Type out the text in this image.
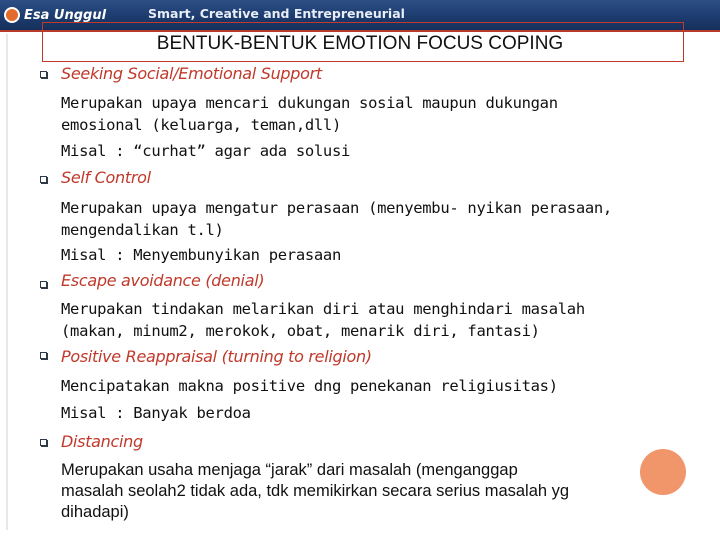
Esa Unggul	Smart, Creative and Entrepreneurial
BENTUK-BENTUK EMOTION FOCUS COPING
Seeking Social/Emotional Support
Merupakan upaya mencari dukungan sosial maupun dukungan
emosional (keluarga, teman,dll)
Misal : “curhat” agar ada solusi
Self Control
Merupakan upaya mengatur perasaan (menyembu- nyikan perasaan,
mengendalikan t.l)
Misal : Menyembunyikan perasaan
Escape avoidance (denial)
Merupakan tindakan melarikan diri atau menghindari masalah
(makan, minum2, merokok, obat, menarik diri, fantasi)
Positive Reappraisal (turning to religion)
Mencipatakan makna positive dng penekanan religiusitas)
Misal : Banyak berdoa
Distancing
Merupakan usaha menjaga “jarak” dari masalah (menganggap
masalah seolah2 tidak ada, tdk memikirkan secara serius masalah yg
dihadapi)
